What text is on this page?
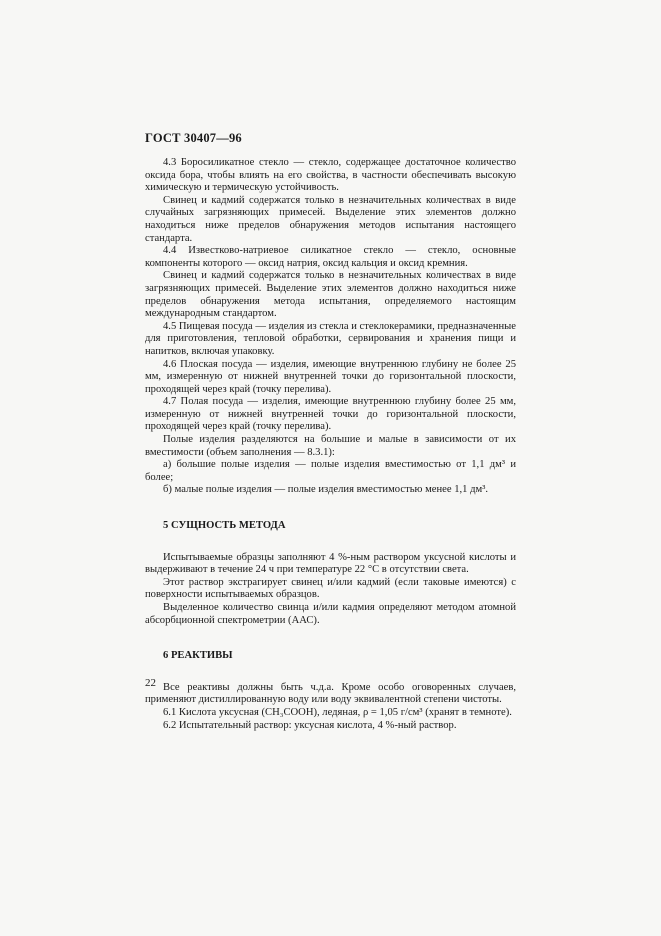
ГОСТ 30407—96

4.3 Боросиликатное стекло — стекло, содержащее достаточное количество оксида бора, чтобы влиять на его свойства, в частности обеспечивать высокую химическую и термическую устойчивость.

Свинец и кадмий содержатся только в незначительных количествах в виде случайных загрязняющих примесей. Выделение этих элементов должно находиться ниже пределов обнаружения методов испытания настоящего стандарта.

4.4 Известково-натриевое силикатное стекло — стекло, основные компоненты которого — оксид натрия, оксид кальция и оксид кремния.

Свинец и кадмий содержатся только в незначительных количествах в виде загрязняющих примесей. Выделение этих элементов должно находиться ниже пределов обнаружения метода испытания, определяемого настоящим международным стандартом.

4.5 Пищевая посуда — изделия из стекла и стеклокерамики, предназначенные для приготовления, тепловой обработки, сервирования и хранения пищи и напитков, включая упаковку.

4.6 Плоская посуда — изделия, имеющие внутреннюю глубину не более 25 мм, измеренную от нижней внутренней точки до горизонтальной плоскости, проходящей через край (точку перелива).

4.7 Полая посуда — изделия, имеющие внутреннюю глубину более 25 мм, измеренную от нижней внутренней точки до горизонтальной плоскости, проходящей через край (точку перелива).

Полые изделия разделяются на большие и малые в зависимости от их вместимости (объем заполнения — 8.3.1):

а) большие полые изделия — полые изделия вместимостью от 1,1 дм³ и более;

б) малые полые изделия — полые изделия вместимостью менее 1,1 дм³.

5 СУЩНОСТЬ МЕТОДА

Испытываемые образцы заполняют 4 %-ным раствором уксусной кислоты и выдерживают в течение 24 ч при температуре 22 °С в отсутствии света.

Этот раствор экстрагирует свинец и/или кадмий (если таковые имеются) с поверхности испытываемых образцов.

Выделенное количество свинца и/или кадмия определяют методом атомной абсорбционной спектрометрии (ААС).

6 РЕАКТИВЫ

Все реактивы должны быть ч.д.а. Кроме особо оговоренных случаев, применяют дистиллированную воду или воду эквивалентной степени чистоты.

6.1 Кислота уксусная (CH₃COOH), ледяная, ρ = 1,05 г/см³ (хранят в темноте).

6.2 Испытательный раствор: уксусная кислота, 4 %-ный раствор.

22
